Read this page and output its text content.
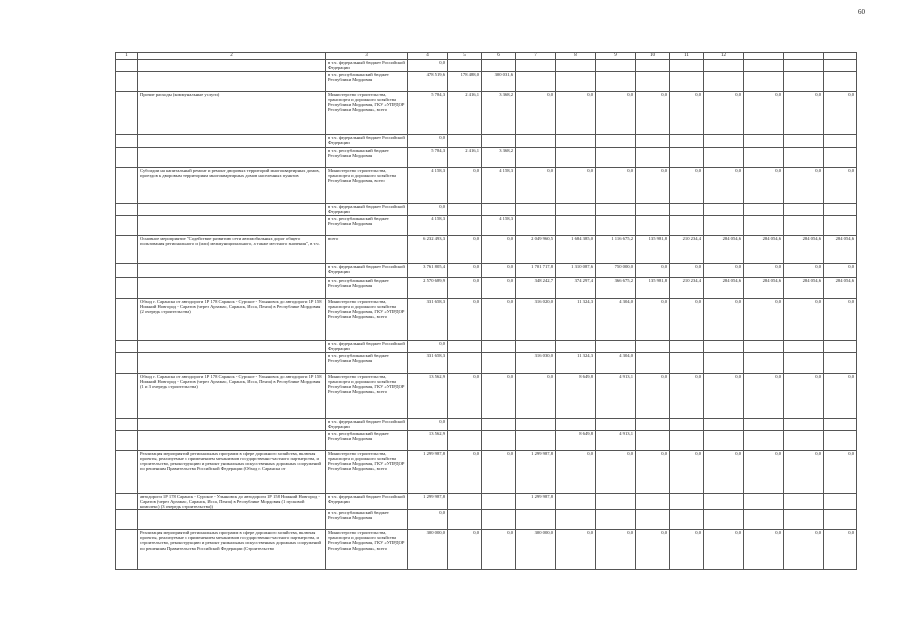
60
1	2	3	4	5	6	7	8	9	10	11	12			
		в т.ч. федеральный бюджет Российской Федерации	0,0											
		в т.ч. республиканский бюджет Республики Мордовия	478 519,6	178 488,0	300 031,6									
	Прочие расходы (коммунальные услуги)	Министерство строительства, транспорта и дорожного хозяйства Республики Мордовия, ГКУ «УПРДОР Республики Мордовия», всего	5 784,3	2 416,1	3 368,2	0,0	0,0	0,0	0,0	0,0	0,0	0,0	0,0	0,0
		в т.ч. федеральный бюджет Российской Федерации	0,0											
		в т.ч. республиканский бюджет Республики Мордовия	5 784,3	2 416,1	3 368,2									
	Субсидии на капитальный ремонт и ремонт дворовых территорий многоквартирных домов, проездов к дворовым территориям многоквартирных домов населенных пунктов	Министерство строительства, транспорта и дорожного хозяйства Республики Мордовия, всего	4 158,3	0,0	4 158,3	0,0	0,0	0,0	0,0	0,0	0,0	0,0	0,0	0,0
		в т.ч. федеральный бюджет Российской Федерации	0,0											
		в т.ч. республиканский бюджет Республики Мордовия	4 158,3		4 158,3									
	Основное мероприятие "Содействие развитию сети автомобильных дорог общего пользования регионального и (или) межмуниципального, а также местного значения", в т.ч.	всего	6 232 493,3	0,0	0,0	2 049 960,5	1 684 385,0	1 116 675,2	135 981,8	210 234,4	284 054,6	284 054,6	284 054,6	284 054,6
		в т.ч. федеральный бюджет Российской Федерации	3 761 805,4	0,0	0,0	1 701 717,8	1 310 087,6	750 000,0	0,0	0,0	0,0	0,0	0,0	0,0
		в т.ч. республиканский бюджет Республики Мордовия	2 570 689,9	0,0	0,0	348 242,7	374 297,4	366 675,2	135 981,8	210 234,4	284 054,6	284 054,6	284 054,6	284 054,6
	Обход г. Саранска от автодороги 1Р 178 Саранск - Сурское - Ульяновск до автодороги 1Р 158 Нижний Новгород - Саратов (через Арзамас, Саранск, Исса, Пенза) в Республике Мордовия (2 очередь строительства)	Министерство строительства, транспорта и дорожного хозяйства Республики Мордовия, ГКУ «УПРДОР Республики Мордовия», всего	331 658,3	0,0	0,0	316 020,0	11 324,3	4 304,0	0,0	0,0	0,0	0,0	0,0	0,0
		в т.ч. федеральный бюджет Российской Федерации	0,0											
		в т.ч. республиканский бюджет Республики Мордовия	331 658,3			316 030,0	11 324,3	4 304,0						
	Обход г. Саранска от автодороги 1Р 178 Саранск - Сурское - Ульяновск до автодороги 1Р 158 Нижний Новгород - Саратов (через Арзамас, Саранск, Исса, Пенза) в Республике Мордовия (1 и 3 очередь строительства)	Министерство строительства, транспорта и дорожного хозяйства Республики Мордовия, ГКУ «УПРДОР Республики Мордовия», всего	13 562,9	0,0	0,0	0,0	8 649,8	4 913,1	0,0	0,0	0,0	0,0	0,0	0,0
		в т.ч. федеральный бюджет Российской Федерации	0,0											
		в т.ч. республиканский бюджет Республики Мордовия	13 562,9				8 649,8	4 913,1						
	Реализация мероприятий региональных программ в сфере дорожного хозяйства, включая проекты, реализуемые с применением механизмов государственно-частного партнерства, и строительство, реконструкцию и ремонт уникальных искусственных дорожных сооружений по решениям Правительства Российской Федерации (Обход г. Саранска от	Министерство строительства, транспорта и дорожного хозяйства Республики Мордовия, ГКУ «УПРДОР Республики Мордовия», всего	1 299 987,8	0,0	0,0	1 299 987,8	0,0	0,0	0,0	0,0	0,0	0,0	0,0	0,0
	автодороги 1Р 178 Саранск - Сурское - Ульяновск до автодороги 1Р 158 Нижний Новгород - Саратов (через Арзамас, Саранск, Исса, Пенза) в Республике Мордовия (1 пусковой комплекс) (3 очередь строительства))	в т.ч. федеральный бюджет Российской Федерации	1 299 987,8			1 299 987,8								
		в т.ч. республиканский бюджет Республики Мордовия	0,0											
	Реализация мероприятий региональных программ в сфере дорожного хозяйства, включая проекты, реализуемые с применением механизмов государственно-частного партнерства, и строительство, реконструкцию и ремонт уникальных искусственных дорожных сооружений по решениям Правительства Российской Федерации (Строительство	Министерство строительства, транспорта и дорожного хозяйства Республики Мордовия, ГКУ «УПРДОР Республики Мордовия», всего	300 000,0	0,0	0,0	300 000,0	0,0	0,0	0,0	0,0	0,0	0,0	0,0	0,0
